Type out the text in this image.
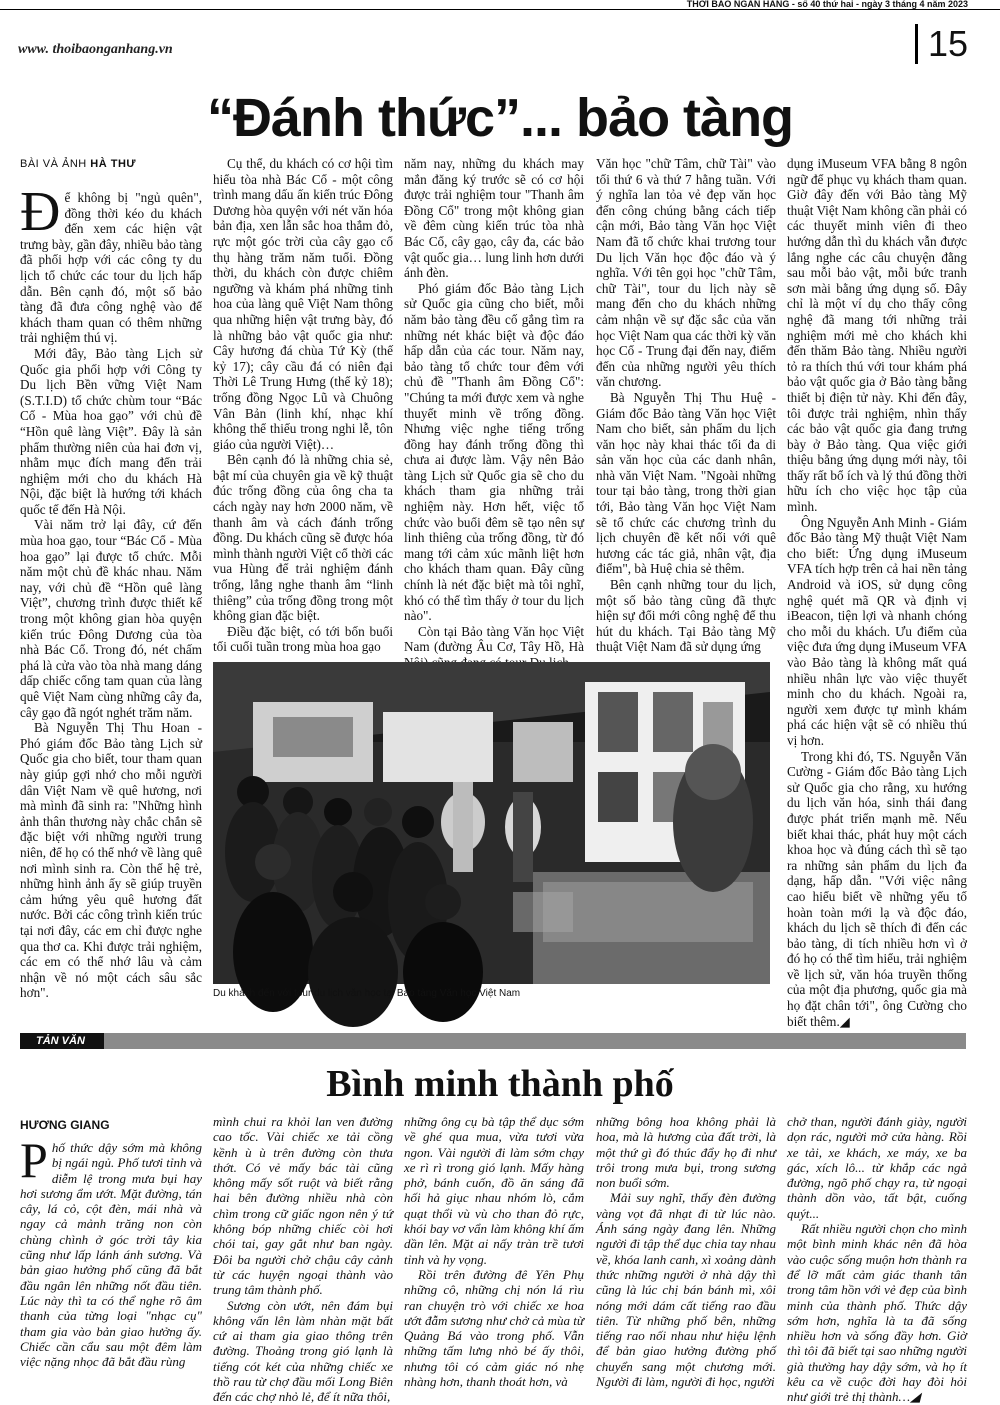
THỜI BÁO NGÂN HÀNG - số 40 thứ hai - ngày 3 tháng 4 năm 2023
www. thoibaonganhang.vn	15
“Đánh thức”... bảo tàng
BÀI VÀ ẢNH HÀ THƯ
Đ ể không bị "ngủ quên", đồng thời kéo du khách đến xem các hiện vật trưng bày, gần đây, nhiều bảo tàng đã phối hợp với các công ty du lịch tổ chức các tour du lịch hấp dẫn. Bên cạnh đó, một số bảo tàng đã đưa công nghệ vào để khách tham quan có thêm những trải nghiệm thú vị.

Mới đây, Bảo tàng Lịch sử Quốc gia phối hợp với Công ty Du lịch Bền vững Việt Nam (S.T.I.D) tổ chức chùm tour “Bác Cổ - Mùa hoa gạo” với chủ đề “Hồn quê làng Việt”. Đây là sản phẩm thường niên của hai đơn vị, nhằm mục đích mang đến trải nghiệm mới cho du khách Hà Nội, đặc biệt là hướng tới khách quốc tế đến Hà Nội.

Vài năm trở lại đây, cứ đến mùa hoa gạo, tour “Bác Cổ - Mùa hoa gạo” lại được tổ chức. Mỗi năm một chủ đề khác nhau. Năm nay, với chủ đề “Hồn quê làng Việt”, chương trình được thiết kế trong một không gian hòa quyện kiến trúc Đông Dương của tòa nhà Bác Cổ. Trong đó, nét chấm phá là cửa vào tòa nhà mang dáng dấp chiếc cổng tam quan của làng quê Việt Nam cùng những cây đa, cây gạo đã ngót nghét trăm năm.

Bà Nguyễn Thị Thu Hoan - Phó giám đốc Bảo tàng Lịch sử Quốc gia cho biết, tour tham quan này giúp gợi nhớ cho mỗi người dân Việt Nam về quê hương, nơi mà mình đã sinh ra: "Những hình ảnh thân thương này chắc chắn sẽ đặc biệt với những người trung niên, để họ có thể nhớ về làng quê nơi mình sinh ra. Còn thế hệ trẻ, những hình ảnh ấy sẽ giúp truyền cảm hứng yêu quê hương đất nước. Bởi các công trình kiến trúc tại nơi đây, các em chỉ được nghe qua thơ ca. Khi được trải nghiệm, các em có thể nhớ lâu và cảm nhận về nó một cách sâu sắc hơn".

Cụ thể, du khách có cơ hội tìm hiểu tòa nhà Bác Cổ - một công trình mang dấu ấn kiến trúc Đông Dương hòa quyện với nét văn hóa bản địa, xen lẫn sắc hoa thắm đỏ, rực một góc trời của cây gạo cổ thụ hàng trăm năm tuổi. Đồng thời, du khách còn được chiêm ngưỡng và khám phá những tinh hoa của làng quê Việt Nam thông qua những hiện vật trưng bày, đó là những bảo vật quốc gia như: Cây hương đá chùa Tứ Kỳ (thế kỷ 17); cây cầu đá có niên đại Thời Lê Trung Hưng (thế kỷ 18); trống đồng Ngọc Lũ và Chuông Vân Bản (linh khí, nhạc khí không thể thiếu trong nghi lễ, tôn giáo của người Việt)…

Bên cạnh đó là những chia sẻ, bật mí của chuyên gia về kỹ thuật đúc trống đồng của ông cha ta cách ngày nay hơn 2000 năm, về thanh âm và cách đánh trống đồng. Du khách cũng sẽ được hóa mình thành người Việt cổ thời các vua Hùng để trải nghiệm đánh trống, lắng nghe thanh âm “linh thiêng” của trống đồng trong một không gian đặc biệt.

Điều đặc biệt, có tới bốn buổi tối cuối tuần trong mùa hoa gạo

năm nay, những du khách may mắn đăng ký trước sẽ có cơ hội được trải nghiệm tour "Thanh âm Đồng Cổ" trong một không gian về đêm cùng kiến trúc tòa nhà Bác Cổ, cây gạo, cây đa, các bảo vật quốc gia… lung linh hơn dưới ánh đèn.

Phó giám đốc Bảo tàng Lịch sử Quốc gia cũng cho biết, mỗi năm bảo tàng đều cố gắng tìm ra những nét khác biệt và độc đáo hấp dẫn của các tour. Năm nay, bảo tàng tổ chức tour đêm với chủ đề "Thanh âm Đồng Cổ": "Chúng ta mới được xem và nghe thuyết minh về trống đồng. Nhưng việc nghe tiếng trống đồng hay đánh trống đồng thì chưa ai được làm. Vậy nên Bảo tàng Lịch sử Quốc gia sẽ cho du khách tham gia những trải nghiệm này. Hơn hết, việc tổ chức vào buổi đêm sẽ tạo nên sự linh thiêng của trống đồng, từ đó mang tới cảm xúc mãnh liệt hơn cho khách tham quan. Đây cũng chính là nét đặc biệt mà tôi nghĩ, khó có thể tìm thấy ở tour du lịch nào".

Còn tại Bảo tàng Văn học Việt Nam (đường Âu Cơ, Tây Hồ, Hà

Văn học "chữ Tâm, chữ Tài" vào tối thứ 6 và thứ 7 hằng tuần. Với ý nghĩa lan tỏa vẻ đẹp văn học đến công chúng bằng cách tiếp cận mới, Bảo tàng Văn học Việt Nam đã tổ chức khai trương tour Du lịch Văn học độc đáo và ý nghĩa. Với tên gọi học "chữ Tâm, chữ Tài", tour du lịch này sẽ mang đến cho du khách những cảm nhận về sự đặc sắc của văn học Việt Nam qua các thời kỳ văn học Cổ - Trung đại đến nay, điểm đến của những người yêu thích văn chương.

Bà Nguyễn Thị Thu Huệ - Giám đốc Bảo tàng Văn học Việt Nam cho biết, sản phẩm du lịch văn học này khai thác tối đa di sản văn học của các danh nhân, nhà văn Việt Nam. "Ngoài những tour tại bảo tàng, trong thời gian tới, Bảo tàng Văn học Việt Nam sẽ tổ chức các chương trình du lịch chuyên đề kết nối với quê hương các tác giả, nhân vật, địa điểm", bà Huệ chia sẻ thêm.

Bên cạnh những tour du lịch, một số bảo tàng cũng đã thực hiện sự đổi mới công nghệ để thu hút du khách. Tại Bảo tàng Mỹ thuật Việt Nam đã sử dụng ứng

dụng iMuseum VFA bằng 8 ngôn ngữ để phục vụ khách tham quan. Giờ đây đến với Bảo tàng Mỹ thuật Việt Nam không cần phải có các thuyết minh viên đi theo hướng dẫn thì du khách vẫn được lắng nghe các câu chuyện đằng sau mỗi bảo vật, mỗi bức tranh sơn mài bằng ứng dụng số. Đây chỉ là một ví dụ cho thấy công nghệ đã mang tới những trải nghiệm mới mẻ cho khách khi đến thăm Bảo tàng. Nhiều người tỏ ra thích thú với tour khám phá bảo vật quốc gia ở Bảo tàng bằng thiết bị điện tử này. Khi đến đây, tôi được trải nghiệm, nhìn thấy các bảo vật quốc gia đang trưng bày ở Bảo tàng. Qua việc giới thiệu bằng ứng dụng mới này, tôi thấy rất bổ ích và lý thú đồng thời hữu ích cho việc học tập của mình.

Ông Nguyễn Anh Minh - Giám đốc Bảo tàng Mỹ thuật Việt Nam cho biết: Ứng dụng iMuseum VFA tích hợp trên cả hai nền tảng Android và iOS, sử dụng công nghệ quét mã QR và định vị iBeacon, tiện lợi và nhanh chóng cho mỗi du khách. Ưu điểm của việc đưa ứng dụng iMuseum VFA vào Bảo tàng là không mất quá nhiều nhân lực vào việc thuyết minh cho du khách. Ngoài ra, người xem được tự mình khám phá các hiện vật sẽ có nhiều thú vị hơn.

Trong khi đó, TS. Nguyễn Văn Cường - Giám đốc Bảo tàng Lịch sử Quốc gia cho rằng, xu hướng du lịch văn hóa, sinh thái đang được phát triển mạnh mẽ. Nếu biết khai thác, phát huy một cách khoa học và đúng cách thì sẽ tạo ra những sản phẩm du lịch đa dạng, hấp dẫn. "Với việc nâng cao hiểu biết về những yếu tố hoàn toàn mới lạ và độc đáo, khách du lịch sẽ thích đi đến các bảo tàng, di tích nhiều hơn vì ở đó họ có thể tìm hiểu, trải nghiệm về lịch sử, văn hóa truyền thống của một địa phương, quốc gia mà họ đặt chân tới", ông Cường cho biết thêm.◢

Du khách đến với tour du lịch văn học tại Bảo tàng Văn học Việt Nam
TẢN VĂN
Bình minh thành phố
HƯƠNG GIANG
P hố thức dậy sớm mà không bị ngái ngủ. Phố tươi tỉnh và diễm lệ trong mưa bụi hay hơi sương ẩm ướt. Mặt đường, tán cây, lá cỏ, cột đèn, mái nhà và ngay cả mảnh trăng non còn chùng chình ở góc trời tây kia cũng như lấp lánh ánh sương. Và bản giao hưởng phố cũng đã bắt đầu ngân lên những nốt đầu tiên. Lúc này thì ta có thể nghe rõ âm thanh của từng loại "nhạc cụ" tham gia vào bản giao hưởng ấy. Chiếc cần cẩu sau một đêm làm việc nặng nhọc đã bắt đầu rùng

mình chui ra khỏi lan ven đường cao tốc. Vài chiếc xe tải cồng kềnh ù ù trên đường còn thưa thớt. Có vẻ mấy bác tài cũng không mấy sốt ruột và biết rằng hai bên đường nhiều nhà còn chìm trong cữ giấc ngon nên ý tứ không bóp những chiếc còi hơi chói tai, gay gắt như ban ngày. Đôi ba người chở chậu cây cảnh từ các huyện ngoại thành vào trung tâm thành phố.

Sương còn ướt, nên đám bụi không vấn lên làm nhàn mặt bất cứ ai tham gia giao thông trên đường. Thoảng trong gió lạnh là tiếng cót két của những chiếc xe thồ rau từ chợ đầu mối Long Biên đến các chợ nhỏ lẻ, để ít nữa thôi,

những ông cụ bà tập thể dục sớm về ghé qua mua, vừa tươi vừa ngon. Vài người đi làm sớm chạy xe rì rì trong gió lạnh. Mấy hàng phở, bánh cuốn, đồ ăn sáng đã hối hả giục nhau nhóm lò, cắm quạt thổi vù vù cho than đỏ rực, khói bay vơ vẩn làm không khí ấm dần lên. Mặt ai nấy tràn trề tươi tỉnh và hy vọng.

Rồi trên đường đê Yên Phụ những cô, những chị nón lá rìu ran chuyện trò với chiếc xe hoa ướt đẫm sương như chở cả mùa từ Quảng Bá vào trong phố. Vẫn những tấm lưng nhỏ bé ấy thôi, nhưng tôi có cảm giác nó nhẹ nhàng hơn, thanh thoát hơn, và

những bông hoa không phải là hoa, mà là hương của đất trời, là một thứ gì đó thúc đẩy họ đi như trôi trong mưa bụi, trong sương non buổi sớm.

Mải suy nghĩ, thấy đèn đường vàng vọt đã nhạt đi từ lúc nào. Ánh sáng ngày đang lên. Những người đi tập thể dục chia tay nhau về, khóa lanh canh, xì xoảng dành thức những người ở nhà dậy thì cũng là lúc chị bán bánh mì, xôi nóng mới dám cất tiếng rao đầu tiên. Từ những phố bên, những tiếng rao nối nhau như hiệu lệnh để bản giao hưởng đường phố chuyển sang một chương mới. Người đi làm, người đi học, người

chở than, người đánh giày, người dọn rác, người mở cửa hàng. Rồi xe tải, xe khách, xe máy, xe ba gác, xích lô... từ khắp các ngả đường, ngõ phố chạy ra, từ ngoại thành dồn vào, tất bật, cuống quýt...

Rất nhiều người chọn cho mình một bình minh khác nên đã hòa vào cuộc sống muộn hơn thành ra để lỡ mất cảm giác thanh tân trong tâm hồn với vẻ đẹp của bình minh của thành phố. Thức dậy sớm hơn, nghĩa là ta đã sống nhiều hơn và sống đầy hơn. Giờ thì tôi đã biết tại sao những người già thường hay dậy sớm, và họ ít kêu ca về cuộc đời hay đòi hỏi như giới trẻ thị thành…◢
